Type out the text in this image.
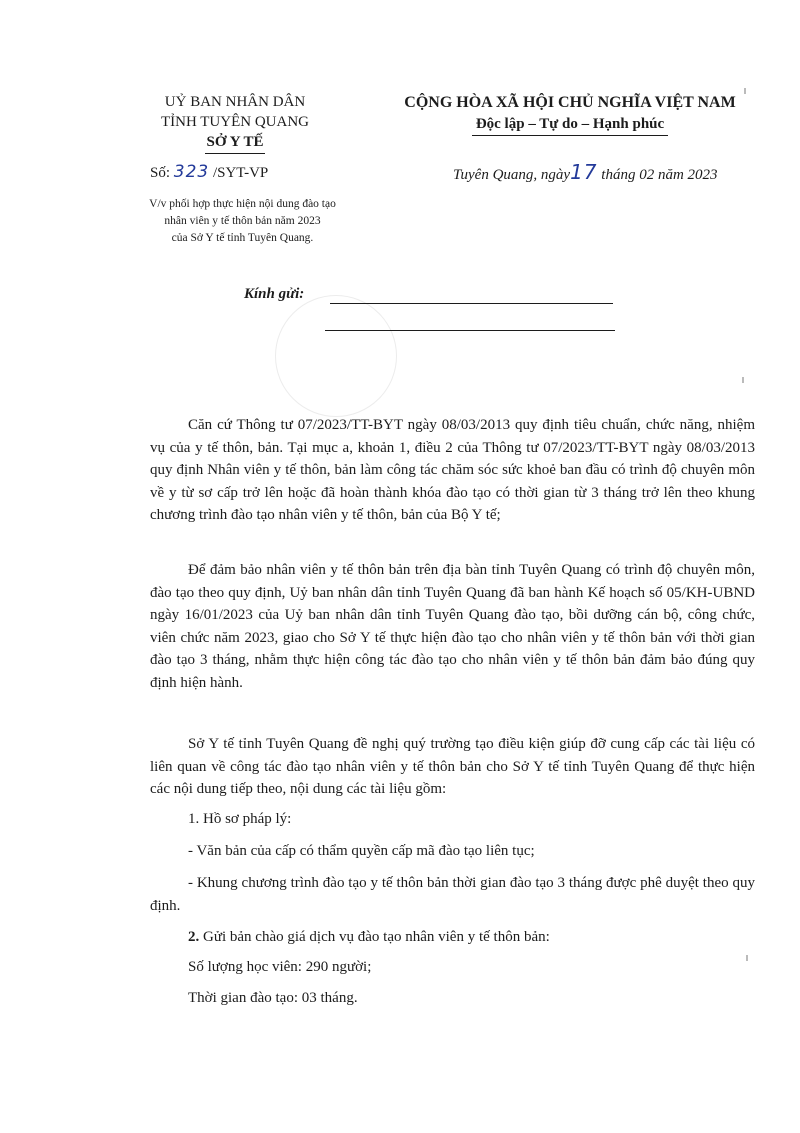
UỶ BAN NHÂN DÂN
TỈNH TUYÊN QUANG
SỞ Y TẾ
CỘNG HÒA XÃ HỘI CHỦ NGHĨA VIỆT NAM
Độc lập – Tự do – Hạnh phúc
Số: 323 /SYT-VP	Tuyên Quang, ngày17 tháng 02 năm 2023
V/v phối hợp thực hiện nội dung đào tạo
nhân viên y tế thôn bản năm 2023
của Sở Y tế tỉnh Tuyên Quang.
Kính gửi:

Căn cứ Thông tư 07/2023/TT-BYT ngày 08/03/2013 quy định tiêu chuẩn, chức năng, nhiệm vụ của y tế thôn, bản. Tại mục a, khoản 1, điều 2 của Thông tư 07/2023/TT-BYT ngày 08/03/2013 quy định Nhân viên y tế thôn, bản làm công tác chăm sóc sức khoẻ ban đầu có trình độ chuyên môn về y từ sơ cấp trở lên hoặc đã hoàn thành khóa đào tạo có thời gian từ 3 tháng trở lên theo khung chương trình đào tạo nhân viên y tế thôn, bản của Bộ Y tế;

Để đảm bảo nhân viên y tế thôn bản trên địa bàn tỉnh Tuyên Quang có trình độ chuyên môn, đào tạo theo quy định, Uỷ ban nhân dân tỉnh Tuyên Quang đã ban hành Kế hoạch số 05/KH-UBND ngày 16/01/2023 của Uỷ ban nhân dân tỉnh Tuyên Quang đào tạo, bồi dưỡng cán bộ, công chức, viên chức năm 2023, giao cho Sở Y tế thực hiện đào tạo cho nhân viên y tế thôn bản với thời gian đào tạo 3 tháng, nhằm thực hiện công tác đào tạo cho nhân viên y tế thôn bản đảm bảo đúng quy định hiện hành.

Sở Y tế tỉnh Tuyên Quang đề nghị quý trường tạo điều kiện giúp đỡ cung cấp các tài liệu có liên quan về công tác đào tạo nhân viên y tế thôn bản cho Sở Y tế tỉnh Tuyên Quang để thực hiện các nội dung tiếp theo, nội dung các tài liệu gồm:

1. Hồ sơ pháp lý:
- Văn bản của cấp có thẩm quyền cấp mã đào tạo liên tục;

- Khung chương trình đào tạo y tế thôn bản thời gian đào tạo 3 tháng được phê duyệt theo quy định.

2. Gửi bản chào giá dịch vụ đào tạo nhân viên y tế thôn bản:
Số lượng học viên: 290 người;
Thời gian đào tạo: 03 tháng.
